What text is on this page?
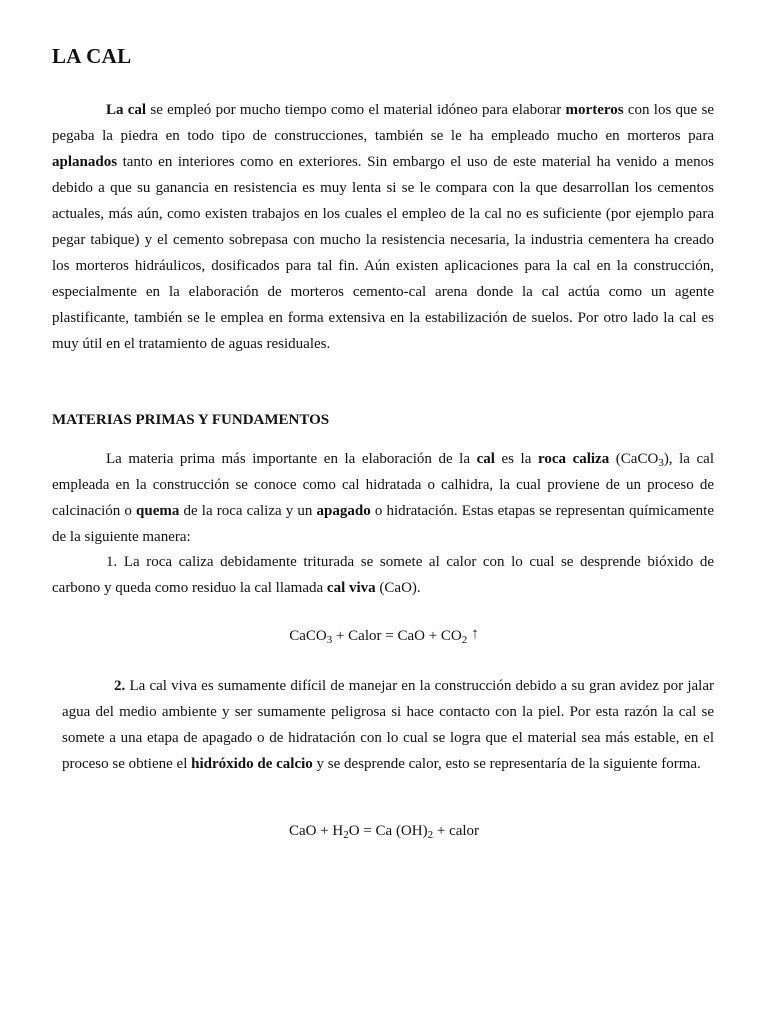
LA CAL

La cal se empleó por mucho tiempo como el material idóneo para elaborar morteros con los que se pegaba la piedra en todo tipo de construcciones, también se le ha empleado mucho en morteros para aplanados tanto en interiores como en exteriores. Sin embargo el uso de este material ha venido a menos debido a que su ganancia en resistencia es muy lenta si se le compara con la que desarrollan los cementos actuales, más aún, como existen trabajos en los cuales el empleo de la cal no es suficiente (por ejemplo para pegar tabique) y el cemento sobrepasa con mucho la resistencia necesaria, la industria cementera ha creado los morteros hidráulicos, dosificados para tal fin. Aún existen aplicaciones para la cal en la construcción, especialmente en la elaboración de morteros cemento-cal arena donde la cal actúa como un agente plastificante, también se le emplea en forma extensiva en la estabilización de suelos. Por otro lado la cal es muy útil en el tratamiento de aguas residuales.

MATERIAS PRIMAS Y FUNDAMENTOS

La materia prima más importante en la elaboración de la cal es la roca caliza (CaCO$_3$), la cal empleada en la construcción se conoce como cal hidratada o calhidra, la cual proviene de un proceso de calcinación o quema de la roca caliza y un apagado o hidratación. Estas etapas se representan químicamente de la siguiente manera:

1. La roca caliza debidamente triturada se somete al calor con lo cual se desprende bióxido de carbono y queda como residuo la cal llamada cal viva (CaO).

CaCO$_3$ + Calor = CaO + $CO_2$ ↑

2. La cal viva es sumamente difícil de manejar en la construcción debido a su gran avidez por jalar agua del medio ambiente y ser sumamente peligrosa si hace contacto con la piel. Por esta razón la cal se somete a una etapa de apagado o de hidratación con lo cual se logra que el material sea más estable, en el proceso se obtiene el hidróxido de calcio y se desprende calor, esto se representaría de la siguiente forma.

CaO + $H_2O = Ca$ $(OH)_2$ + calor
